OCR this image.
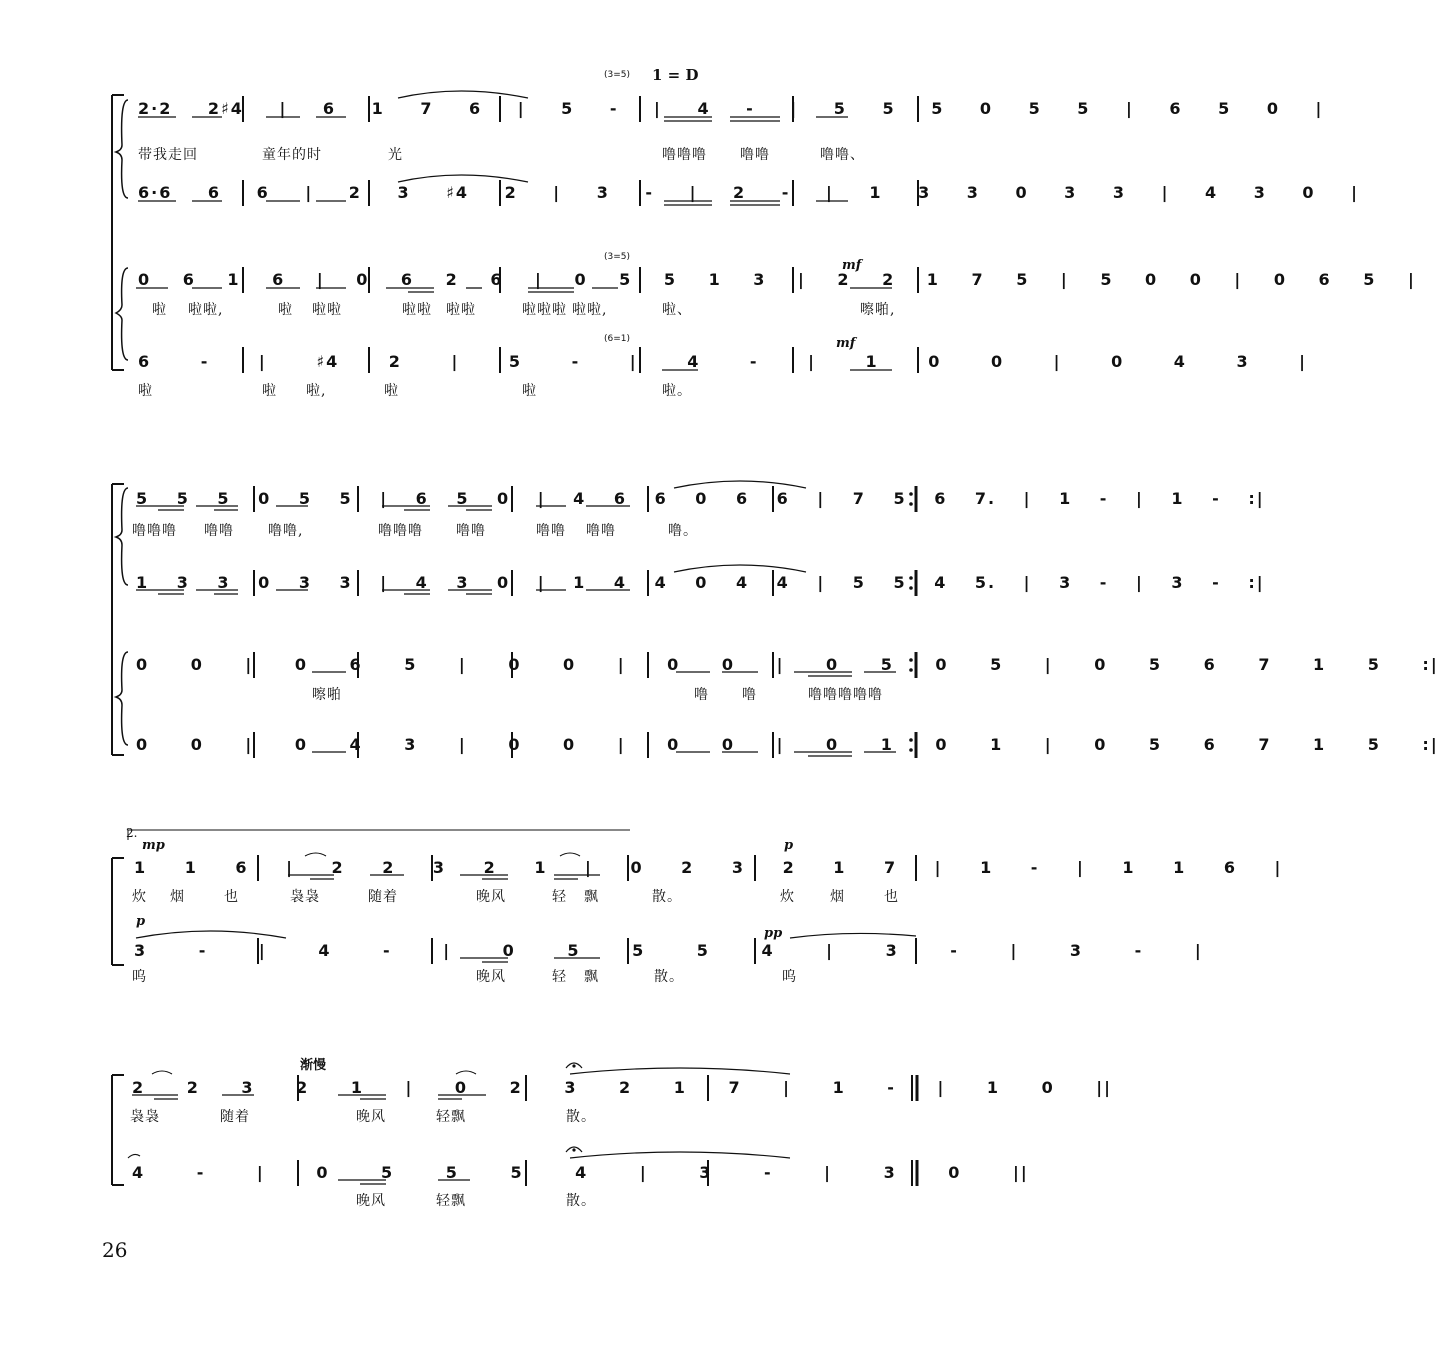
(3=5) 1 = D
2·2 2♯4 | 6 1 7 6 | 5 - | 4 - | 5 5 5 0 5 5 | 6 5 0 |
带我走回	童年的时	光	噜噜噜 噜噜	噜噜、
6·6 6 6 | 2 3 ♯4 2 | 3 - | 2 - | 1 3 3 0 3 3 | 4 3 0 |
(3=5)
mf
0 6 1 6 | 0 6 2 6 | 0 5 5 1 3 | 2 2 1 7 5 | 5 0 0 | 0 6 5 |
啦 啦啦,	啦 啦啦	啦啦 啦啦	啦啦啦 啦啦,	啦、	嚓啪,
(6=1)	mf
6 - | ♯4 2 | 5 - | 4 - | 1 0 0 | 0 4 3 |
啦	啦 啦,	啦	啦	啦。
5 5 5 0 5 5 | 6 5 0 | 4 6 6 0 6 6 | 7 5 6 7. | 1 - | 1 - :|
噜噜噜 噜噜 噜噜,	噜噜噜 噜噜	噜噜 噜噜	噜。
1 3 3 0 3 3 | 4 3 0 | 1 4 4 0 4 4 | 5 5 4 5. | 3 - | 3 - :|
0 0 | 0 6 5 | 0 0 | 0 0 | 0 5 0 5 | 0 5 6 7 1 5 :|
嚓啪	噜 噜	噜噜噜噜噜
0 0 | 0 4 3 | 0 0 | 0 0 | 0 1 0 1 | 0 5 6 7 1 5 :|
2.
mp	p
1 1 6 | 2 2 3 2 1 | 0 2 3 2 1 7 | 1 - | 1 1 6 |
炊 烟	也	袅袅	随着	晚风	轻 飘	散。	炊	烟	也
p
pp
3 - | 4 - | 0 5 5 5 4 | 3 - | 3 - |
呜	晚风	轻 飘	散。	呜
渐慢
2 2 3 2 1 | 0 2 3 2 1 7 | 1 - | 1 0 ||
袅袅	随着	晚风	轻飘	散。
4 - | 0 5 5 5 4 | 3 - | 3 0 ||
晚风	轻飘	散。
26
